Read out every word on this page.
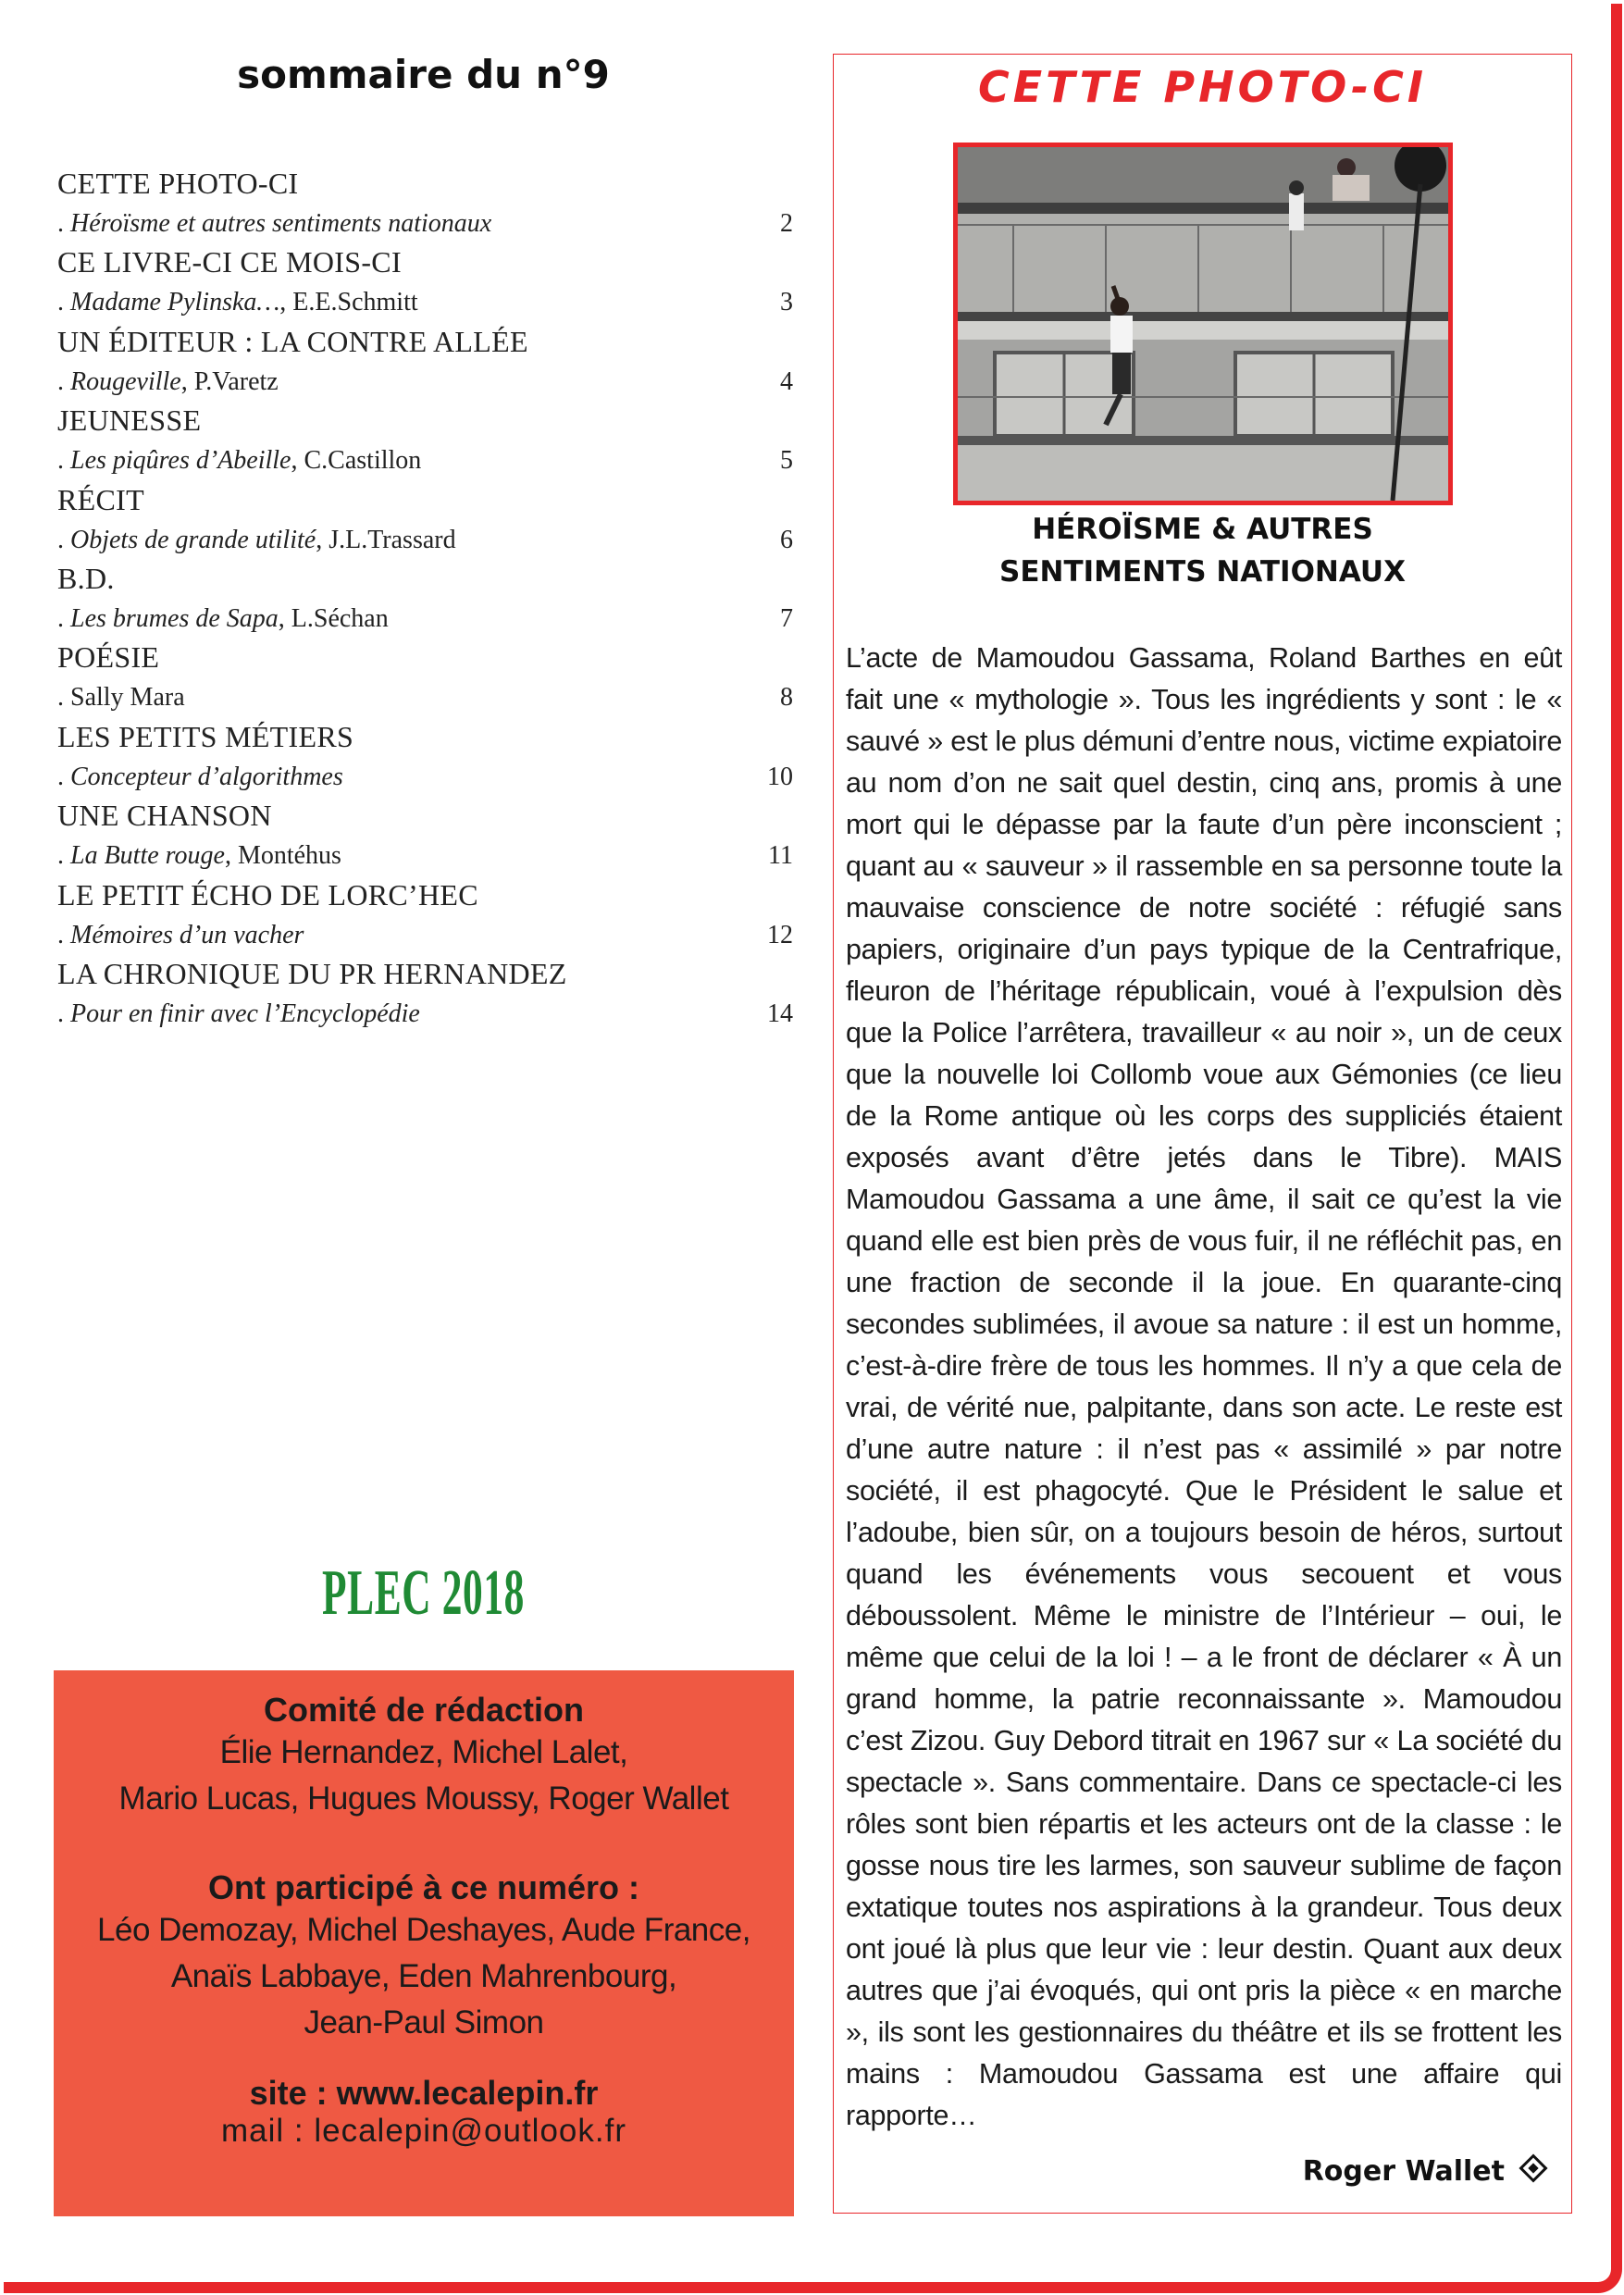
sommaire du n°9
CETTE PHOTO-CI
. Héroïsme et autres sentiments nationaux	2
CE LIVRE-CI CE MOIS-CI
. Madame Pylinska…, E.E.Schmitt	3
UN ÉDITEUR : LA CONTRE ALLÉE
. Rougeville, P.Varetz	4
JEUNESSE
. Les piqûres d’Abeille, C.Castillon	5
RÉCIT
. Objets de grande utilité, J.L.Trassard	6
B.D.
. Les brumes de Sapa, L.Séchan	7
POÉSIE
. Sally Mara	8
LES PETITS MÉTIERS
. Concepteur d’algorithmes	10
UNE CHANSON
. La Butte rouge, Montéhus	11
LE PETIT ÉCHO DE LORC’HEC
. Mémoires d’un vacher	12
LA CHRONIQUE DU PR HERNANDEZ
. Pour en finir avec l’Encyclopédie	14
PLEC 2018
Comité de rédaction
Élie Hernandez, Michel Lalet,
Mario Lucas, Hugues Moussy, Roger Wallet
Ont participé à ce numéro :
Léo Demozay, Michel Deshayes, Aude France,
Anaïs Labbaye, Eden Mahrenbourg,
Jean-Paul Simon
site : www.lecalepin.fr
mail : lecalepin@outlook.fr
CETTE PHOTO-CI
HÉROÏSME & AUTRES
SENTIMENTS NATIONAUX
L’acte de Mamoudou Gassama, Roland Barthes en eût fait une « mythologie ». Tous les ingrédients y sont : le « sauvé » est le plus démuni d’entre nous, victime expiatoire au nom d’on ne sait quel destin, cinq ans, promis à une mort qui le dépasse par la faute d’un père inconscient ; quant au « sauveur » il rassemble en sa personne toute la mauvaise conscience de notre société : réfugié sans papiers, originaire d’un pays typique de la Centrafrique, fleuron de l’héritage républicain, voué à l’expulsion dès que la Police l’arrêtera, travailleur « au noir », un de ceux que la nouvelle loi Collomb voue aux Gémonies (ce lieu de la Rome antique où les corps des suppliciés étaient exposés avant d’être jetés dans le Tibre). MAIS Mamoudou Gassama a une âme, il sait ce qu’est la vie quand elle est bien près de vous fuir, il ne réfléchit pas, en une fraction de seconde il la joue. En quarante-cinq secondes sublimées, il avoue sa nature : il est un homme, c’est-à-dire frère de tous les hommes. Il n’y a que cela de vrai, de vérité nue, palpitante, dans son acte. Le reste est d’une autre nature : il n’est pas « assimilé » par notre société, il est phagocyté. Que le Président le salue et l’adoube, bien sûr, on a toujours besoin de héros, surtout quand les événements vous secouent et vous déboussolent. Même le ministre de l’Intérieur – oui, le même que celui de la loi ! – a le front de déclarer « À un grand homme, la patrie reconnaissante ». Mamoudou c’est Zizou. Guy Debord titrait en 1967 sur « La société du spectacle ». Sans commentaire. Dans ce spectacle-ci les rôles sont bien répartis et les acteurs ont de la classe : le gosse nous tire les larmes, son sauveur sublime de façon extatique toutes nos aspirations à la grandeur. Tous deux ont joué là plus que leur vie : leur destin. Quant aux deux autres que j’ai évoqués, qui ont pris la pièce « en marche », ils sont les gestionnaires du théâtre et ils se frottent les mains : Mamoudou Gassama est une affaire qui rapporte…
Roger Wallet
